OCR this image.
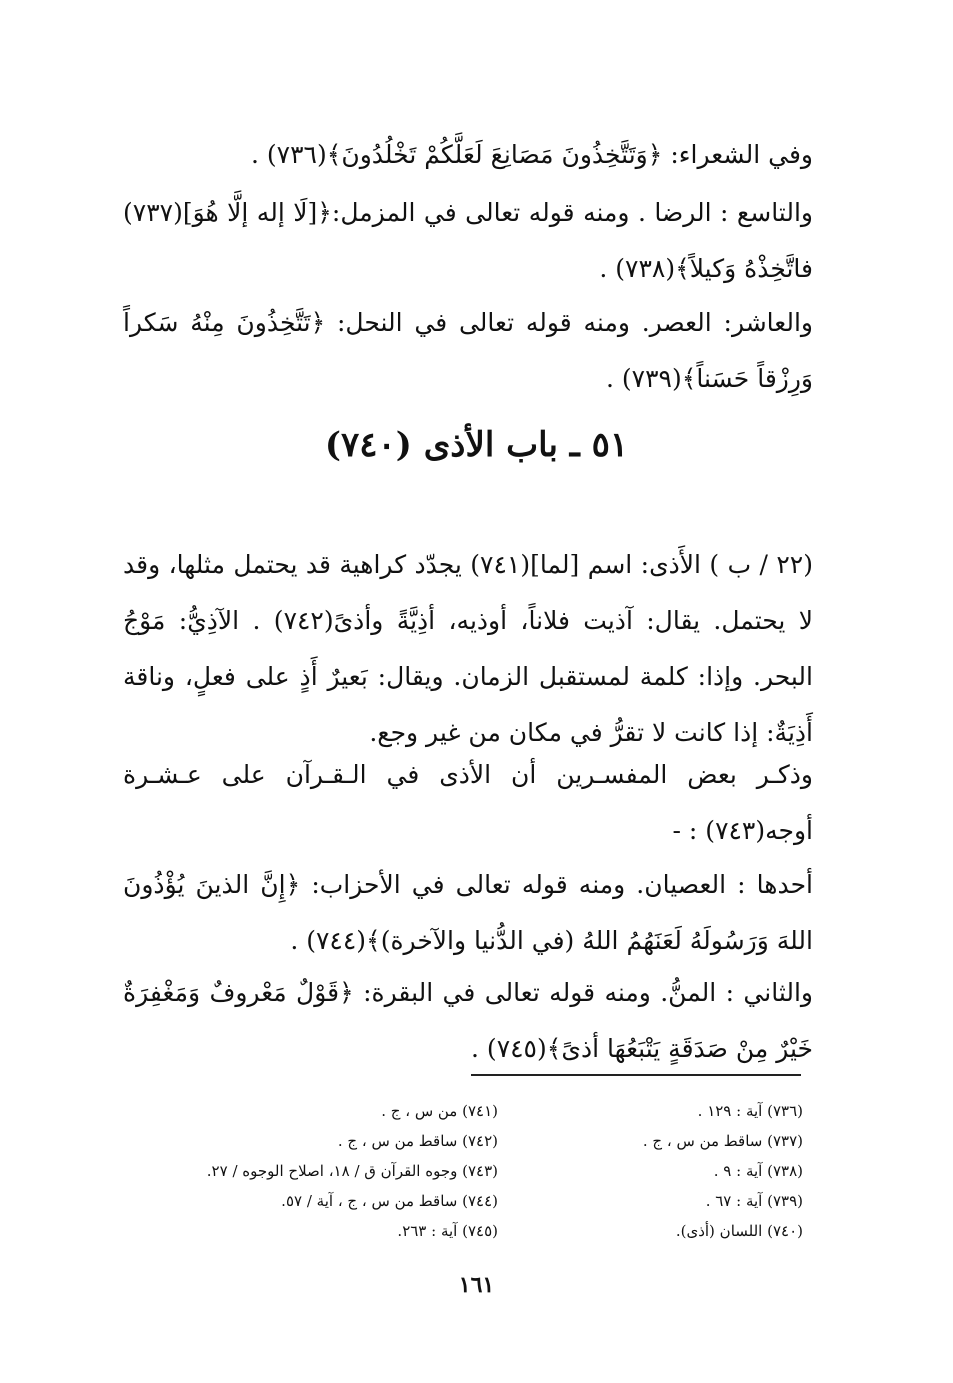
وفي الشعراء: ﴿وَتَتَّخِذُونَ مَصَانِعَ لَعَلَّكُمْ تَخْلُدُونَ﴾(٧٣٦) .

والتاسع : الرضا . ومنه قوله تعالى في المزمل:﴿[لَا إله إلَّا هُوَ](٧٣٧) فاتَّخِذْهُ وَكيلاً﴾(٧٣٨) .

والعاشر: العصر. ومنه قوله تعالى في النحل: ﴿تَتَّخِذُونَ مِنْهُ سَكراً وَرِزْقاً حَسَناً﴾(٧٣٩) .

٥١ ـ باب الأذى (٧٤٠)

(٢٢ / ب ) الأَذى: اسم [لما](٧٤١) يجدّد كراهية قد يحتمل مثلها، وقد لا يحتمل. يقال: آذيت فلاناً، أوذيه، أذِيَّةً وأذىً(٧٤٢) . الآذِيُّ: مَوْجُ البحر. وإذا: كلمة لمستقبل الزمان. ويقال: بَعيرٌ أَذٍ على فعلٍ، وناقة أَذِيَةٌ: إذا كانت لا تقرُّ في مكان من غير وجع.

وذكـر بعض المفسـرين أن الأذى في الـقـرآن على عـشـرة أوجه(٧٤٣) : -

أحدها : العصيان. ومنه قوله تعالى في الأحزاب: ﴿إِنَّ الذينَ يُؤْذُونَ اللهَ وَرَسُولَهُ لَعَنَهُمُ اللهُ (في الدُّنيا والآخرة)﴾(٧٤٤) .

والثاني : المنُّ. ومنه قوله تعالى في البقرة: ﴿قَوْلٌ مَعْروفٌ وَمَغْفِرَةٌ خَيْرٌ مِنْ صَدَقَةٍ يَتْبَعُهَا أذىً﴾(٧٤٥) .

(٧٣٦) آية : ١٢٩ .
(٧٣٧) ساقط من س ، ج .
(٧٣٨) آية : ٩ .
(٧٣٩) آية : ٦٧ .
(٧٤٠) اللسان (أذى).
(٧٤١) من س ، ج .
(٧٤٢) ساقط من س ، ج .
(٧٤٣) وجوه القرآن ق / ١٨، اصلاح الوجوه / ٢٧.
(٧٤٤) ساقط من س ، ج ، آية / ٥٧.
(٧٤٥) آية : ٢٦٣.
١٦١
